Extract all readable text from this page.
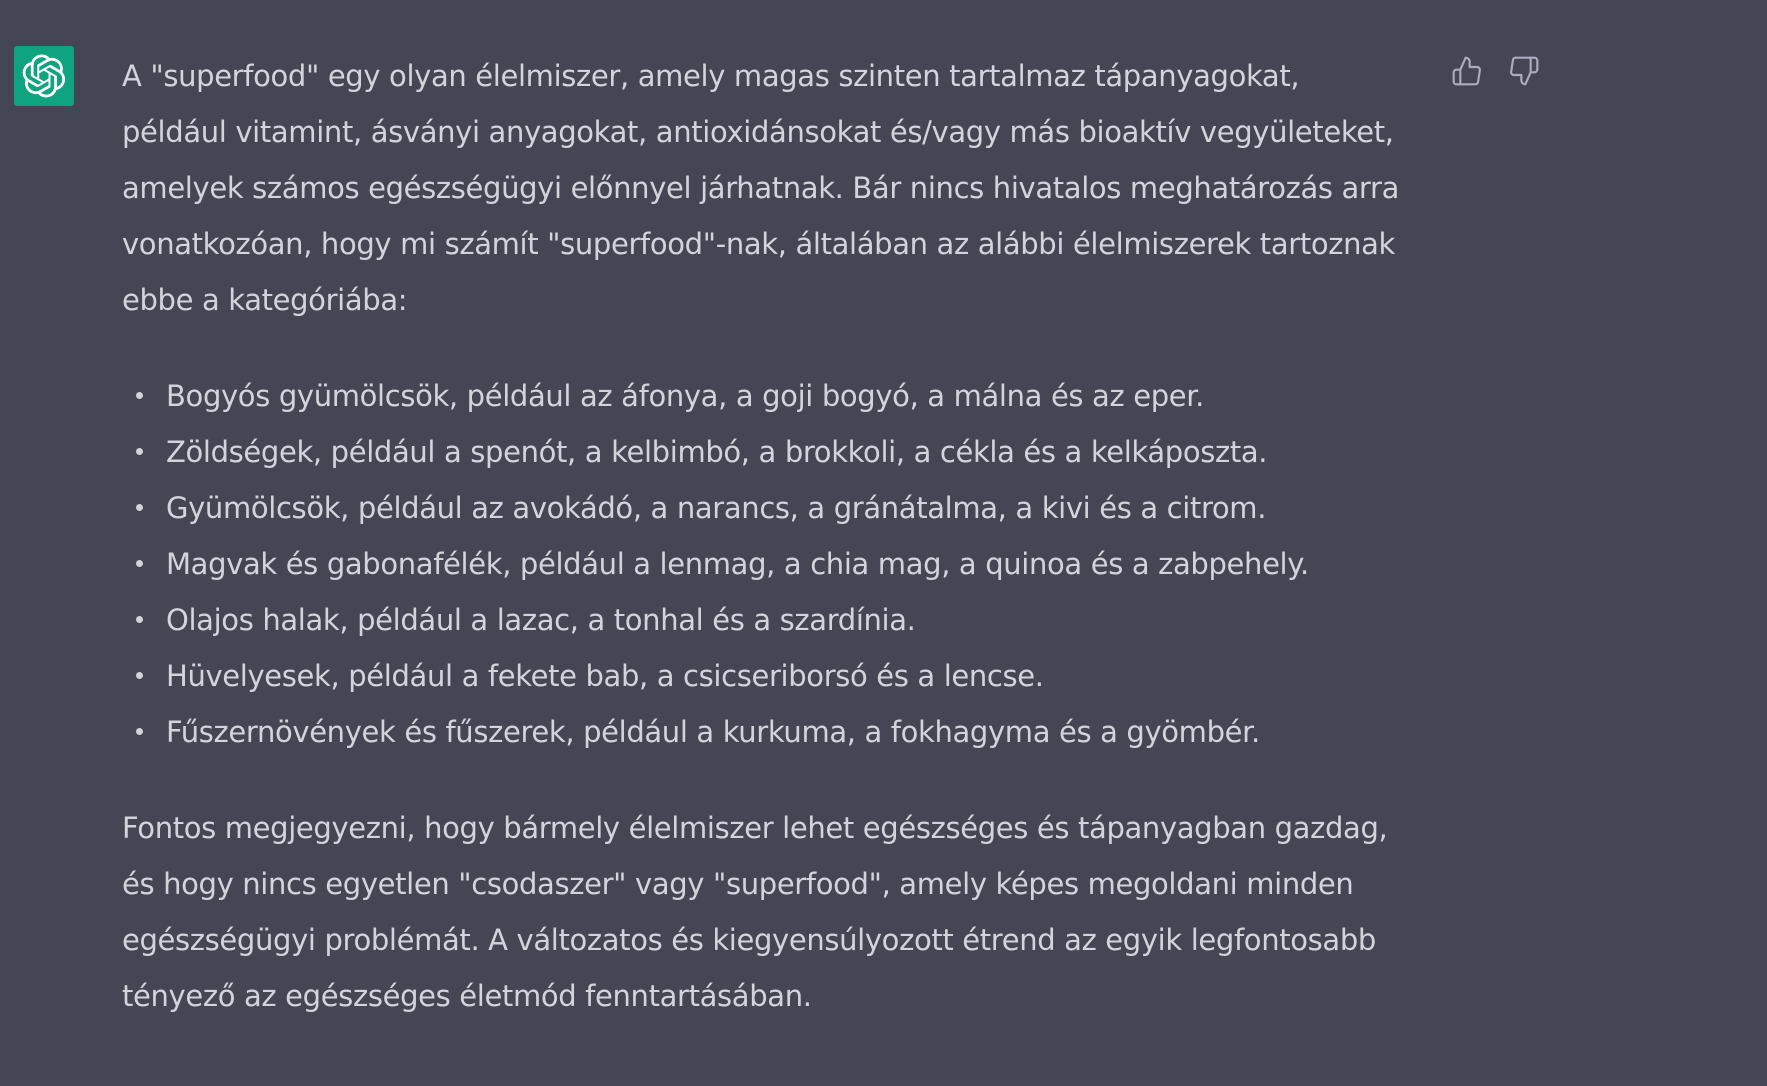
A "superfood" egy olyan élelmiszer, amely magas szinten tartalmaz tápanyagokat, például vitamint, ásványi anyagokat, antioxidánsokat és/vagy más bioaktív vegyületeket, amelyek számos egészségügyi előnnyel járhatnak. Bár nincs hivatalos meghatározás arra vonatkozóan, hogy mi számít "superfood"-nak, általában az alábbi élelmiszerek tartoznak ebbe a kategóriába:

Bogyós gyümölcsök, például az áfonya, a goji bogyó, a málna és az eper.
Zöldségek, például a spenót, a kelbimbó, a brokkoli, a cékla és a kelkáposzta.
Gyümölcsök, például az avokádó, a narancs, a gránátalma, a kivi és a citrom.
Magvak és gabonafélék, például a lenmag, a chia mag, a quinoa és a zabpehely.
Olajos halak, például a lazac, a tonhal és a szardínia.
Hüvelyesek, például a fekete bab, a csicseriborsó és a lencse.
Fűszernövények és fűszerek, például a kurkuma, a fokhagyma és a gyömbér.

Fontos megjegyezni, hogy bármely élelmiszer lehet egészséges és tápanyagban gazdag, és hogy nincs egyetlen "csodaszer" vagy "superfood", amely képes megoldani minden egészségügyi problémát. A változatos és kiegyensúlyozott étrend az egyik legfontosabb tényező az egészséges életmód fenntartásában.
